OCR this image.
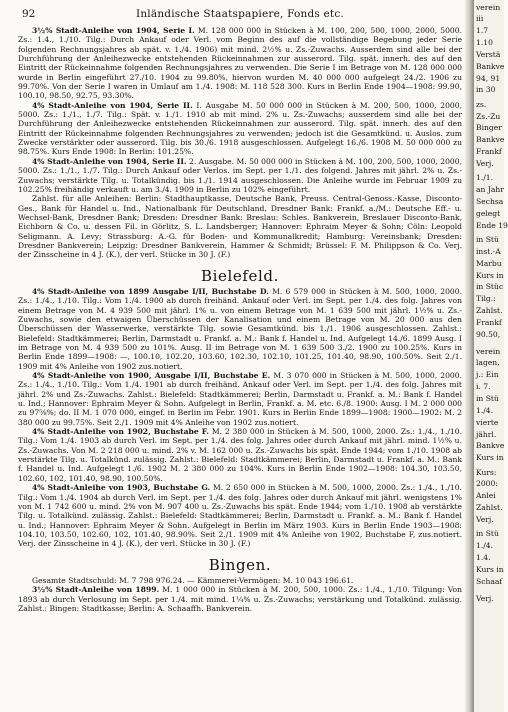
92	Inländische Staatspapiere, Fonds etc.

3½% Stadt-Anleihe von 1904, Serie I. M. 128 000 000 in Stücken à M. 100, 200, 500, 1000, 2000, 5000. Zs.: 1.4., 1./10. Tilg.: Durch Ankauf oder Verl. vom Beginn des auf die vollständige Begebung jeder Serie folgenden Rechnungsjahres ab spät. v. 1./4. 1906) mit mind. 2½% u. Zs.-Zuwachs. Ausserdem sind alle bei der Durchführung der Anleihezwecke entstehenden Rückeinnahmen zur ausserord. Tilg. spät. innerh. des auf den Eintritt der Rückeinnahme folgenden Rechnungsjahres zu verwenden. Die Serie I im Betrage von M. 128 000 000 wurde in Berlin eingeführt 27./10. 1904 zu 99.80%, hiervon wurden M. 40 000 000 aufgelegt 24./2. 1906 zu 99.70%. Von der Serie I waren in Umlauf am 1./4. 1908: M. 118 528 300. Kurs in Berlin Ende 1904—1908: 99.90, 100.10, 98.50, 92.75, 93.30%.

4% Stadt-Anleihe von 1904, Serie II. I. Ausgabe M. 50 000 000 in Stücken à M. 200, 500, 1000, 2000, 5000. Zs.: 1./1., 1./7. Tilg.: Spät. v. 1./1. 1910 ab mit mind. 2% u. Zs.-Zuwachs; ausserdem sind alle bei der Durchführung der Anleihezwecke entstehenden Rückeinnahmen zur ausserord. Tilg. spät. innerh. des auf den Eintritt der Rückeinnahme folgenden Rechnungsjahres zu verwenden; jedoch ist die Gesamtkünd. u. Auslos. zum Zwecke verstärkter oder ausserord. Tilg. bis 30./6. 1918 ausgeschlossen. Aufgelegt 16./6. 1908 M. 50 000 000 zu 98.75%. Kurs Ende 1908: In Berlin: 101.25%.

4% Stadt-Anleihe von 1904, Serie II. 2. Ausgabe. M. 50 000 000 in Stücken à M. 100, 200, 500, 1000, 2000, 5000. Zs.: 1./1., 1./7. Tilg.: Durch Ankauf oder Verlos. im Sept. per 1./1. des folgend. Jahres mit jährl. 2% u. Zs.-Zuwachs; verstärkte Tilg. u. Totalkündig. bis 1./1. 1914 ausgeschlossen. Die Anleihe wurde im Februar 1909 zu 102.25% freihändig verkauft u. am 3./4. 1909 in Berlin zu 102% eingeführt.

Zahlst. für alle Anleihen: Berlin: Stadthauptkasse, Deutsche Bank, Preuss. Central-Genoss.-Kasse, Disconto-Ges., Bank für Handel u. Ind., Nationalbank für Deutschland, Dresdner Bank: Frankf. a./M.: Deutsche Eff.- u. Wechsel-Bank, Dresdner Bank; Dresden: Dresdner Bank: Breslau: Schles. Bankverein, Breslauer Disconto-Bank, Eichborn & Co. u. dessen Fil. in Görlitz, S. L. Landsberger; Hannover: Ephraim Meyer & Sohn; Cöln: Leopold Seligmann. A. Levy; Strassburg: A.-G. für Boden- und Kommunalkredit; Hamburg: Vereinsbank; Dresden: Dresdner Bankverein; Leipzig: Dresdner Bankverein, Hammer & Schmidt; Brüssel: F. M. Philippson & Co. Verj. der Zinsscheine in 4 J. (K.), der verl. Stücke in 30 J. (F.)

Bielefeld.

4% Stadt-Anleihe von 1899 Ausgabe I/II, Buchstabe D. M. 6 579 000 in Stücken à M. 500, 1000, 2000. Zs.: 1./4., 1./10. Tilg.: Vom 1./4. 1900 ab durch freihänd. Ankauf oder Verl. im Sept. per 1./4. des folg. Jahres von einem Betrage von M. 4 939 500 mit jährl. 1% u. von einem Betrage von M. 1 639 500 mit jährl. 1½% u. Zs.-Zuwachs, sowie den etwaigen Überschüssen der Kanalisation und einem Betrage von M. 20 000 aus den Überschüssen der Wasserwerke, verstärkte Tilg. sowie Gesamtkünd. bis 1./1. 1906 ausgeschlossen. Zahlst.: Bielefeld: Stadtkämmerei; Berlin, Darmstadt u. Frankf. a. M.: Bank f. Handel u. Ind. Aufgelegt 14./6. 1899 Ausg. I im Betrage von M. 4 939 500 zu 101%. Ausg. II im Betrage von M. 1 639 500 3./2. 1900 zu 100.25%. Kurs in Berlin Ende 1899—1908: —, 100.10, 102.20, 103.60, 102.30, 102.10, 101.25, 101.40, 98.90, 100.50%. Seit 2./1. 1909 mit 4% Anleihe von 1902 zus.notiert.

4% Stadt-Anleihe von 1900, Ausgabe I/II, Buchstabe E. M. 3 070 000 in Stücken à M. 500, 1000, 2000. Zs.: 1./4., 1./10. Tilg.: Vom 1./4. 1901 ab durch freihänd. Ankauf oder Verl. im Sept. per 1./4. des folg. Jahres mit jährl. 2% und Zs.-Zuwachs. Zahlst.: Bielefeld: Stadtkämmerei; Berlin, Darmstadt u. Frankf. a. M.: Bank f. Handel u. Ind.; Hannover: Ephraim Meyer & Sohn. Aufgelegt in Berlin, Frankf. a. M. etc. 6./8. 1900: Ausg. I M. 2 000 000 zu 97⅝%; do. II M. 1 070 000, eingef. in Berlin im Febr. 1901. Kurs in Berlin Ende 1899—1908: 1900—1902: M. 2 380 000 zu 99.75%. Seit 2./1. 1909 mit 4% Anleihe von 1902 zus.notiert.

4% Stadt-Anleihe von 1902, Buchstabe F. M. 2 380 000 in Stücken à M. 500, 1000, 2000. Zs.: 1./4., 1./10. Tilg.: Vom 1./4. 1903 ab durch Verl. im Sept. per 1./4. des folg. Jahres oder durch Ankauf mit jährl. mind. 1½% u. Zs.-Zuwachs. Von M. 2 218 000 u. mind. 2% v. M. 162 000 u. Zs.-Zuwachs bis spät. Ende 1944; vom 1./10. 1908 ab verstärkte Tilg. u. Totalkünd. zulässig. Zahlst.: Bielefeld: Stadtkämmerei; Berlin, Darmstadt u. Frankf. a. M.: Bank f. Handel u. Ind. Aufgelegt 1./6. 1902 M. 2 380 000 zu 104%. Kurs in Berlin Ende 1902—1908: 104.30, 103.50, 102.60, 102, 101.40, 98.90, 100.50%.

4% Stadt-Anleihe von 1903, Buchstabe G. M. 2 650 000 in Stücken à M. 500, 1000, 2000. Zs.: 1./4., 1./10. Tilg.: Vom 1./4. 1904 ab durch Verl. im Sept. per 1./4. des folg. Jahres oder durch Ankauf mit jährl. wenigstens 1% von M. 1 742 600 u. mind. 2% von M. 907 400 u. Zs.-Zuwachs bis spät. Ende 1944; vom 1./10. 1908 ab verstärkte Tilg. u. Totalkünd. zulässig. Zahlst.: Bielefeld: Stadtkämmerei; Berlin, Darmstadt u. Frankf. a. M.: Bank f. Handel u. Ind.; Hannover: Ephraim Meyer & Sohn. Aufgelegt in Berlin im März 1903. Kurs in Berlin Ende 1903—1908: 104.10, 103.50, 102.60, 102, 101.40, 98.90%. Seit 2./1. 1909 mit 4% Anleihe von 1902, Buchstabe F, zus.notiert. Verj. der Zinsscheine in 4 J. (K.), der verl. Stücke in 30 J. (F.)

Bingen.

Gesamte Stadtschuld: M. 7 798 976.24. — Kämmerei-Vermögen: M. 10 043 196.61.

3½% Stadt-Anleihe von 1899. M. 1 000 000 in Stücken à M. 200, 500, 1000. Zs.: 1./4., 1./10. Tilgung: Von 1893 ab durch Verlosung im Sept. per 1./4. mit mind. 1¼% u. Zs.-Zuwachs; verstärkung und Totalkünd. zulässig. Zahlst.: Bingen: Stadtkasse; Berlin: A. Schaaffh. Bankverein.

verein
iii
1.7
1.10
Verstä
Bankve
94, 91
in 30
zs.
Zs.-Zu
Binger
Bankve
Frankf
Verj.
1./1.
an Jahr
Sechsa
gelegt
Ende 19
in Stü
inst.-A
Marbu
Kurs in
in Stüc
Tilg.:
Zahlst.
Frankf
90.50,
verein
lagen,
j.: Ein
i. 7.
in Stü
1./4.
vierte
jährl.
Bankve
Kurs in
Kurs:
2000:
Anlei
Zahlst.
Verj.
in Stü
1./4.
1.4.
Kurs in
Schaaf
Verj.
